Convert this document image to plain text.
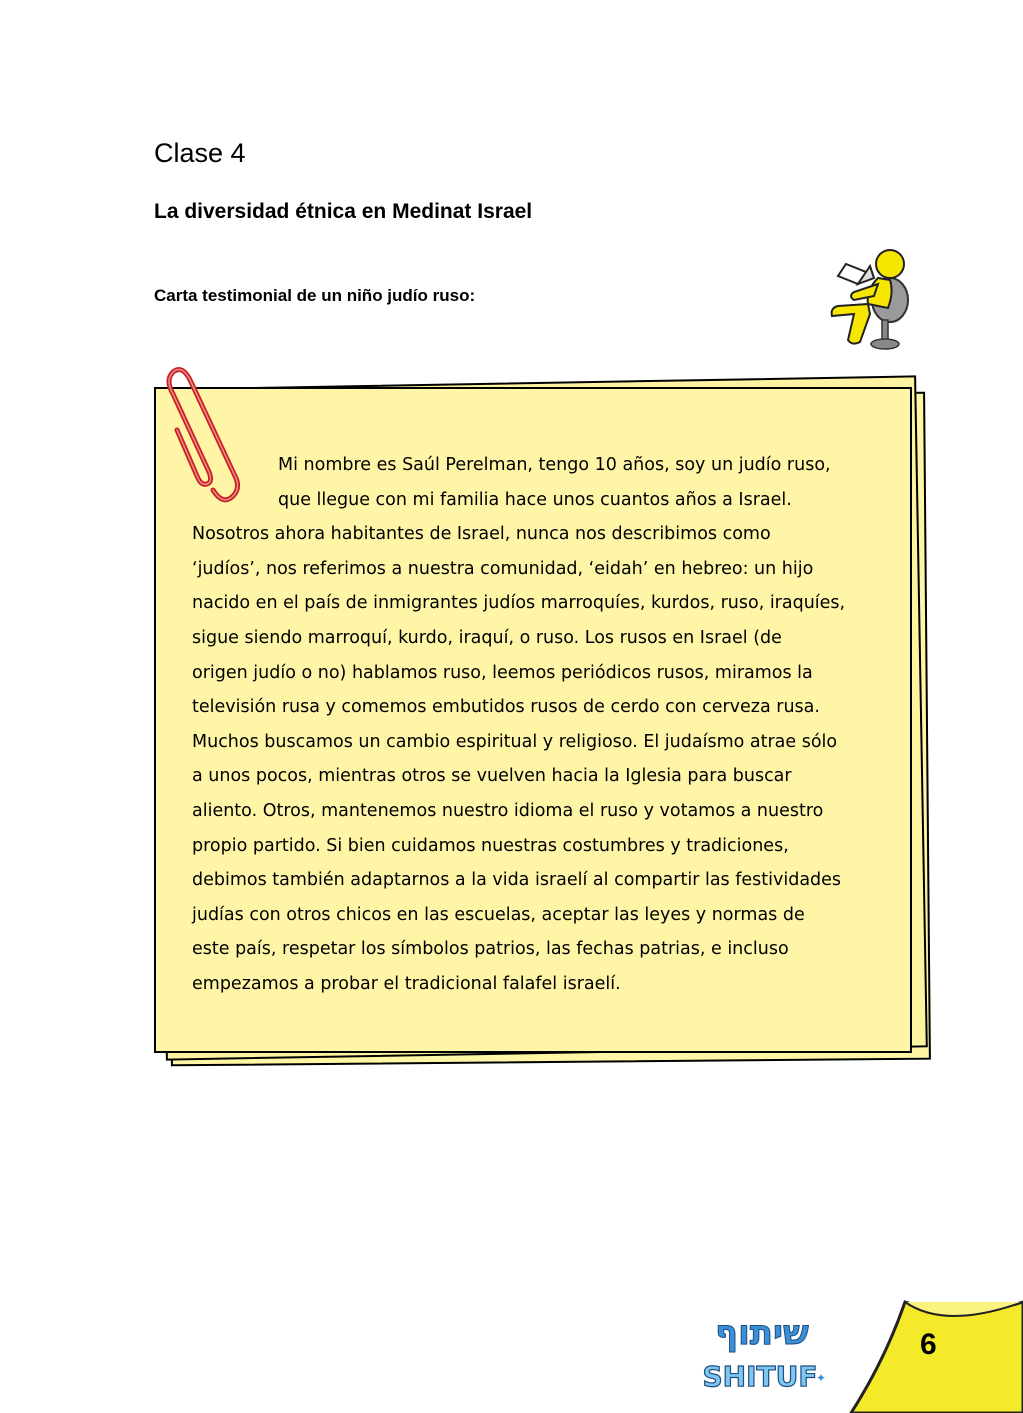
Clase 4
La diversidad étnica en Medinat Israel
Carta testimonial de un niño judío ruso:
Mi nombre es Saúl Perelman, tengo 10 años, soy un judío ruso,
que llegue con mi familia hace unos cuantos años a Israel.
Nosotros ahora habitantes de Israel, nunca nos describimos como
‘judíos’, nos referimos a nuestra comunidad, ‘eidah’ en hebreo: un hijo
nacido en el país de inmigrantes judíos marroquíes, kurdos, ruso, iraquíes,
sigue siendo marroquí, kurdo, iraquí, o ruso. Los rusos en Israel (de
origen judío o no) hablamos ruso, leemos periódicos rusos, miramos la
televisión rusa y comemos embutidos rusos de cerdo con cerveza rusa.
Muchos buscamos un cambio espiritual y religioso. El judaísmo atrae sólo
a unos pocos, mientras otros se vuelven hacia la Iglesia para buscar
aliento. Otros, mantenemos nuestro idioma el ruso y votamos a nuestro
propio partido. Si bien cuidamos nuestras costumbres y tradiciones,
debimos también adaptarnos a la vida israelí al compartir las festividades
judías con otros chicos en las escuelas, aceptar las leyes y normas de
este país, respetar los símbolos patrios, las fechas patrias, e incluso
empezamos a probar el tradicional falafel israelí.
שיתוף
SHITUF
✦
6
